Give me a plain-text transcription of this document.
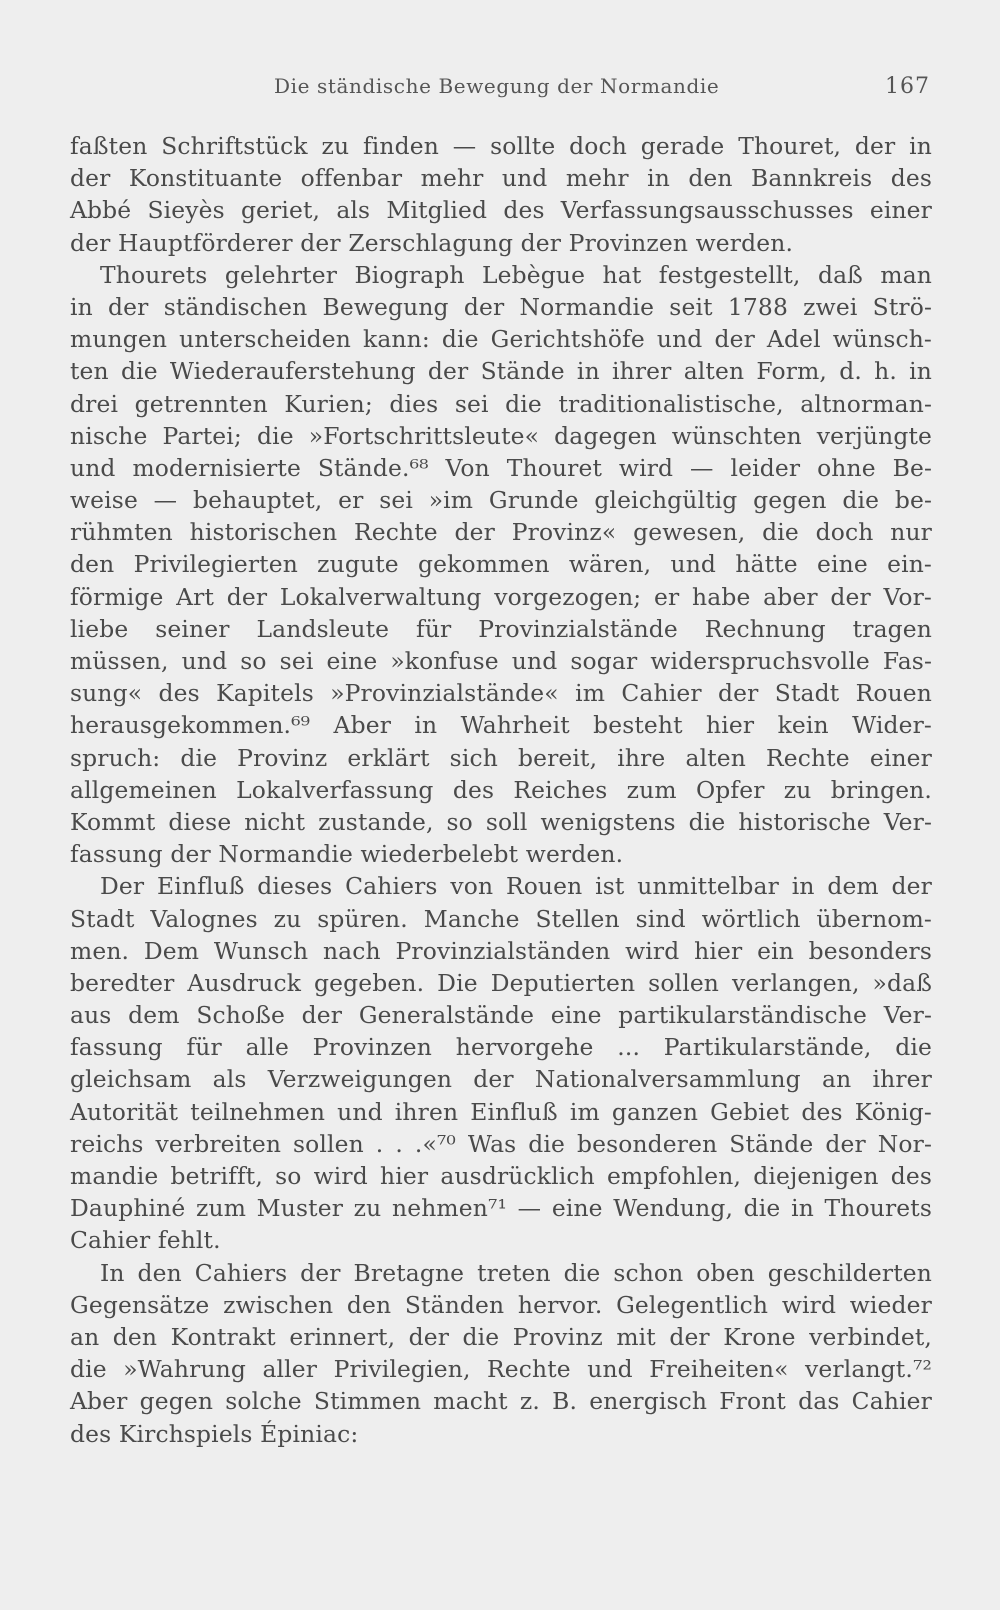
Die ständische Bewegung der Normandie	167
faßten Schriftstück zu finden — sollte doch gerade Thouret, der in
der Konstituante offenbar mehr und mehr in den Bannkreis des
Abbé Sieyès geriet, als Mitglied des Verfassungsausschusses einer
der Hauptförderer der Zerschlagung der Provinzen werden.
Thourets gelehrter Biograph Lebègue hat festgestellt, daß man
in der ständischen Bewegung der Normandie seit 1788 zwei Strö-
mungen unterscheiden kann: die Gerichtshöfe und der Adel wünsch-
ten die Wiederauferstehung der Stände in ihrer alten Form, d. h. in
drei getrennten Kurien; dies sei die traditionalistische, altnorman-
nische Partei; die »Fortschrittsleute« dagegen wünschten verjüngte
und modernisierte Stände.⁶⁸ Von Thouret wird — leider ohne Be-
weise — behauptet, er sei »im Grunde gleichgültig gegen die be-
rühmten historischen Rechte der Provinz« gewesen, die doch nur
den Privilegierten zugute gekommen wären, und hätte eine ein-
förmige Art der Lokalverwaltung vorgezogen; er habe aber der Vor-
liebe seiner Landsleute für Provinzialstände Rechnung tragen
müssen, und so sei eine »konfuse und sogar widerspruchsvolle Fas-
sung« des Kapitels »Provinzialstände« im Cahier der Stadt Rouen
herausgekommen.⁶⁹ Aber in Wahrheit besteht hier kein Wider-
spruch: die Provinz erklärt sich bereit, ihre alten Rechte einer
allgemeinen Lokalverfassung des Reiches zum Opfer zu bringen.
Kommt diese nicht zustande, so soll wenigstens die historische Ver-
fassung der Normandie wiederbelebt werden.
Der Einfluß dieses Cahiers von Rouen ist unmittelbar in dem der
Stadt Valognes zu spüren. Manche Stellen sind wörtlich übernom-
men. Dem Wunsch nach Provinzialständen wird hier ein besonders
beredter Ausdruck gegeben. Die Deputierten sollen verlangen, »daß
aus dem Schoße der Generalstände eine partikularständische Ver-
fassung für alle Provinzen hervorgehe ... Partikularstände, die
gleichsam als Verzweigungen der Nationalversammlung an ihrer
Autorität teilnehmen und ihren Einfluß im ganzen Gebiet des König-
reichs verbreiten sollen . . .«⁷⁰ Was die besonderen Stände der Nor-
mandie betrifft, so wird hier ausdrücklich empfohlen, diejenigen des
Dauphiné zum Muster zu nehmen⁷¹ — eine Wendung, die in Thourets
Cahier fehlt.
In den Cahiers der Bretagne treten die schon oben geschilderten
Gegensätze zwischen den Ständen hervor. Gelegentlich wird wieder
an den Kontrakt erinnert, der die Provinz mit der Krone verbindet,
die »Wahrung aller Privilegien, Rechte und Freiheiten« verlangt.⁷²
Aber gegen solche Stimmen macht z. B. energisch Front das Cahier
des Kirchspiels Épiniac:
